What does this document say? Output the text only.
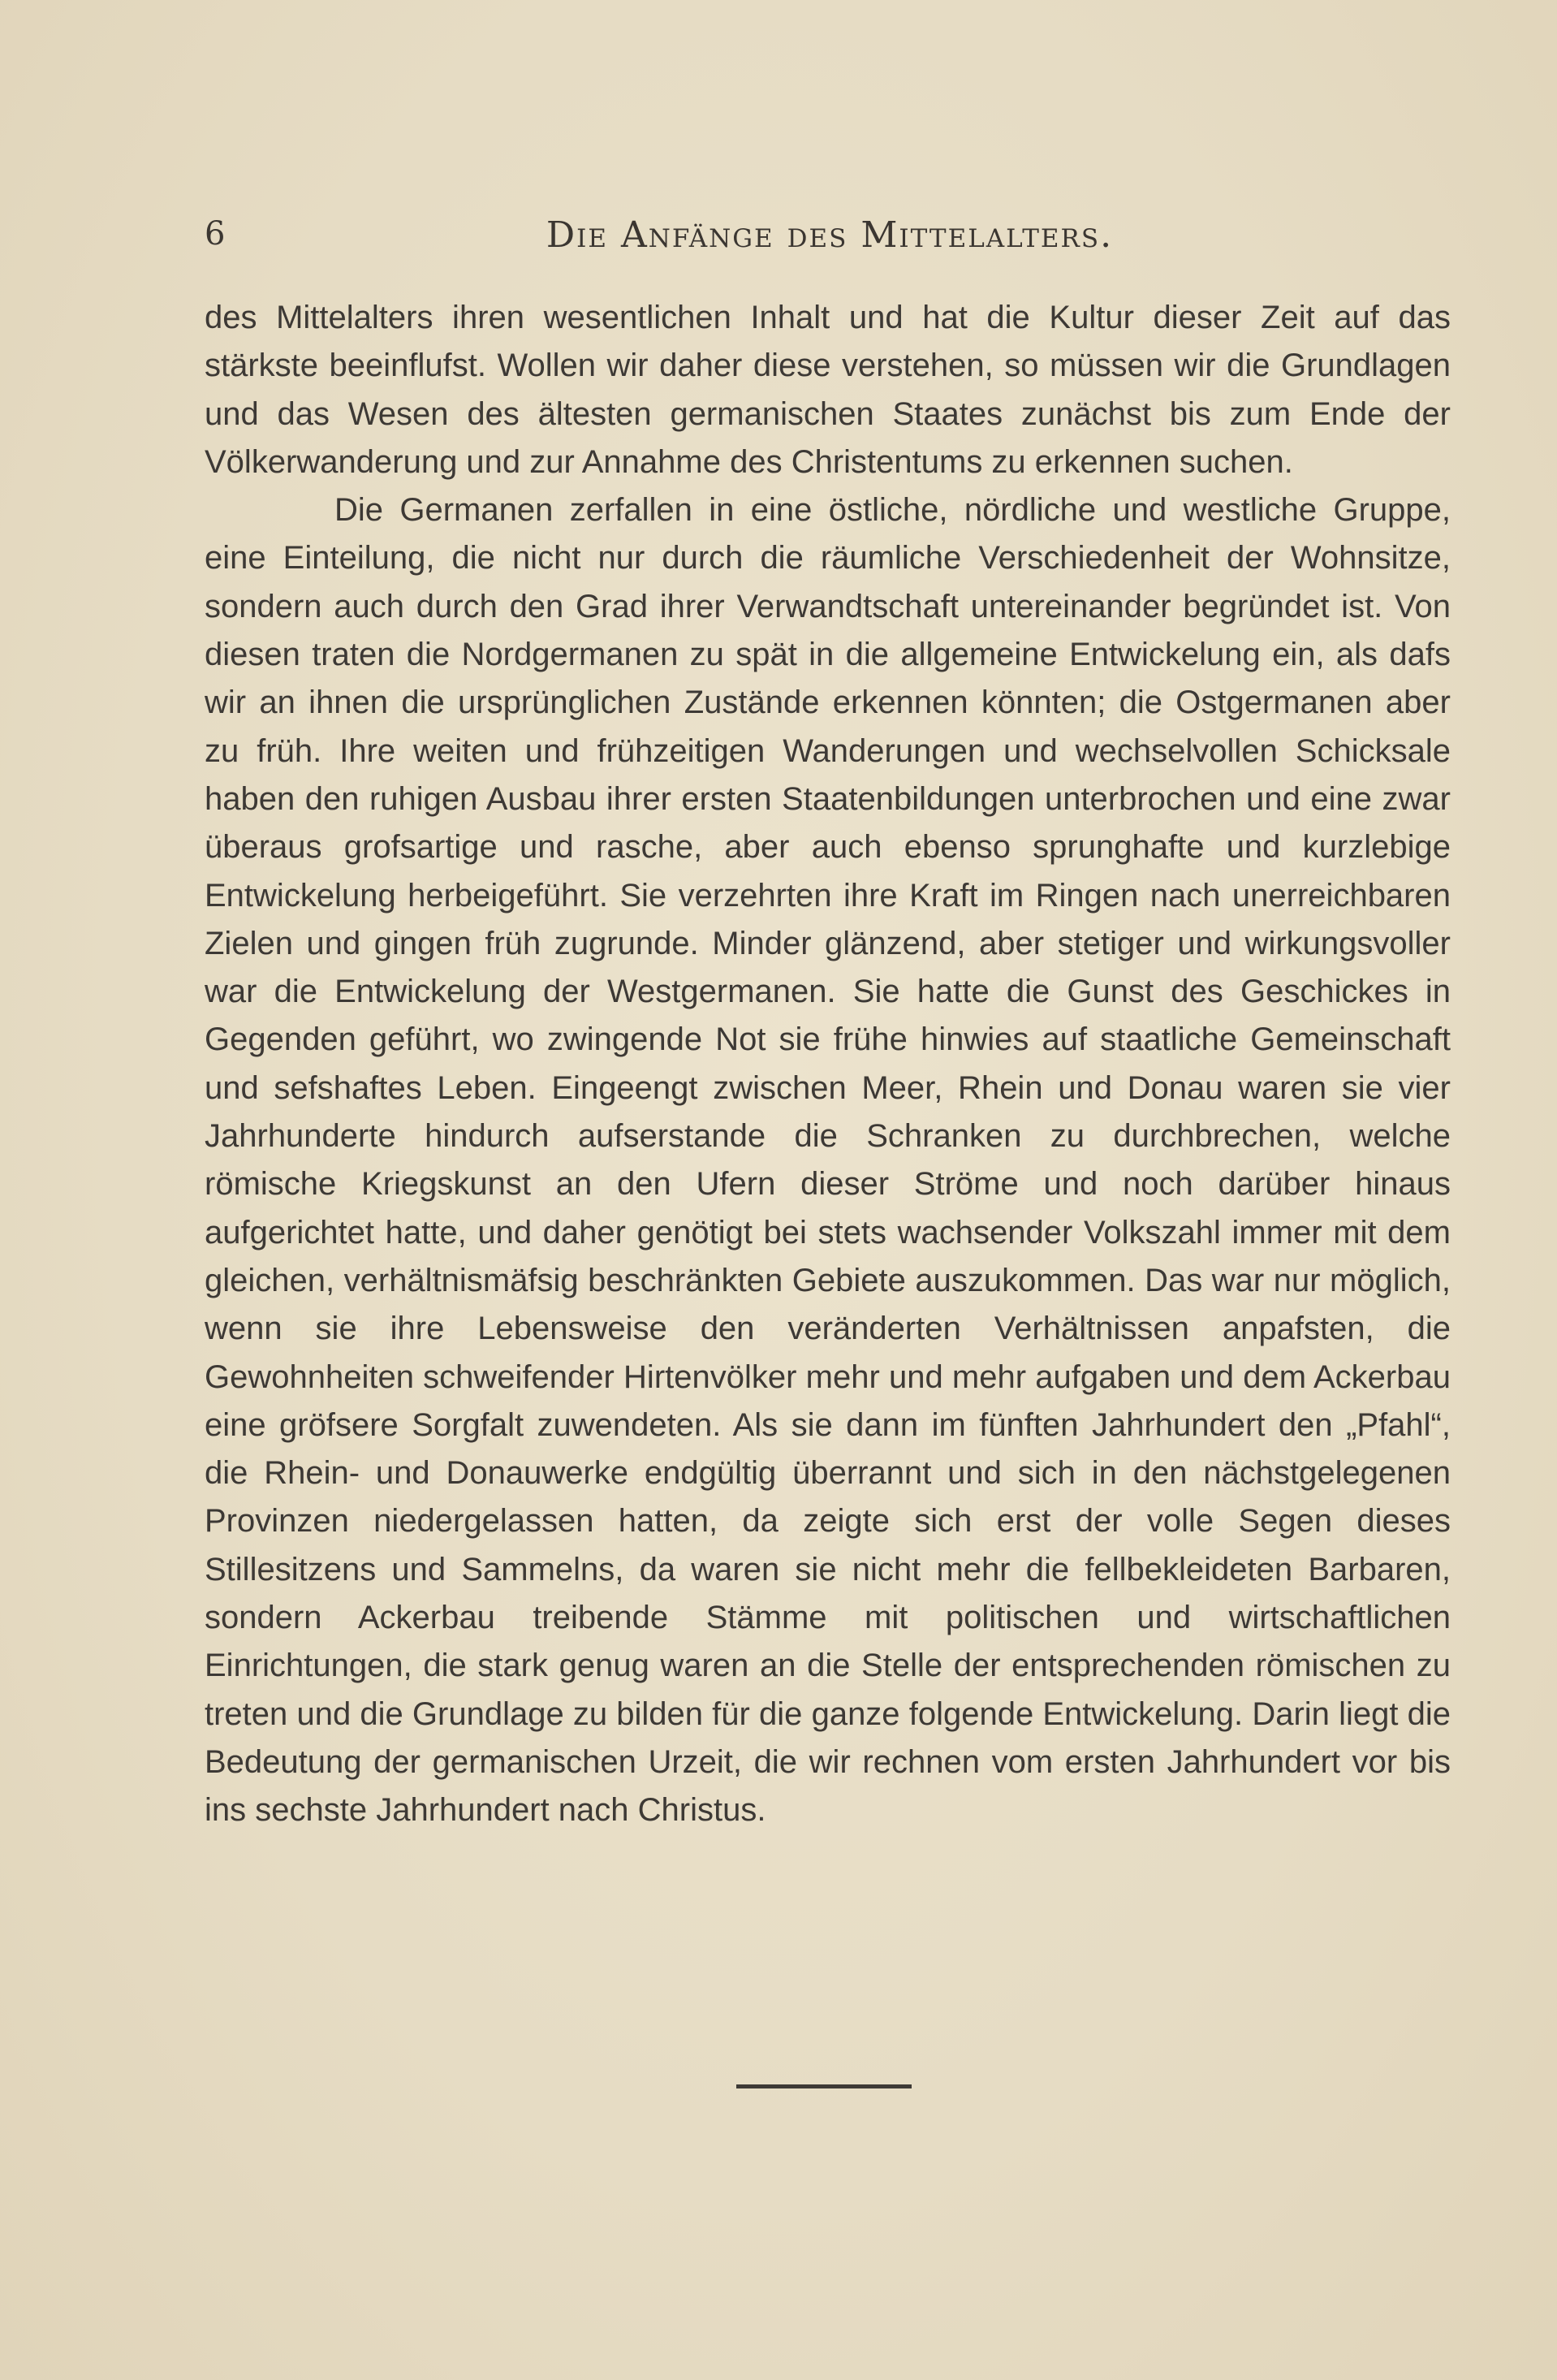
6	Die Anfänge des Mittelalters.

des Mittelalters ihren wesentlichen Inhalt und hat die Kultur dieser Zeit auf das stärkste beeinflufst. Wollen wir daher diese verstehen, so müssen wir die Grundlagen und das Wesen des ältesten germanischen Staates zunächst bis zum Ende der Völkerwanderung und zur Annahme des Christentums zu erkennen suchen.

Die Germanen zerfallen in eine östliche, nördliche und westliche Gruppe, eine Einteilung, die nicht nur durch die räumliche Verschiedenheit der Wohnsitze, sondern auch durch den Grad ihrer Verwandtschaft untereinander begründet ist. Von diesen traten die Nordgermanen zu spät in die allgemeine Entwickelung ein, als dafs wir an ihnen die ursprünglichen Zustände erkennen könnten; die Ostgermanen aber zu früh. Ihre weiten und frühzeitigen Wanderungen und wechselvollen Schicksale haben den ruhigen Ausbau ihrer ersten Staatenbildungen unterbrochen und eine zwar überaus grofsartige und rasche, aber auch ebenso sprunghafte und kurzlebige Entwickelung herbeigeführt. Sie verzehrten ihre Kraft im Ringen nach unerreichbaren Zielen und gingen früh zugrunde. Minder glänzend, aber stetiger und wirkungsvoller war die Entwickelung der Westgermanen. Sie hatte die Gunst des Geschickes in Gegenden geführt, wo zwingende Not sie frühe hinwies auf staatliche Gemeinschaft und sefshaftes Leben. Eingeengt zwischen Meer, Rhein und Donau waren sie vier Jahrhunderte hindurch aufserstande die Schranken zu durchbrechen, welche römische Kriegskunst an den Ufern dieser Ströme und noch darüber hinaus aufgerichtet hatte, und daher genötigt bei stets wachsender Volkszahl immer mit dem gleichen, verhältnismäfsig beschränkten Gebiete auszukommen. Das war nur möglich, wenn sie ihre Lebensweise den veränderten Verhältnissen anpafsten, die Gewohnheiten schweifender Hirtenvölker mehr und mehr aufgaben und dem Ackerbau eine gröfsere Sorgfalt zuwendeten. Als sie dann im fünften Jahrhundert den „Pfahl“, die Rhein- und Donauwerke endgültig überrannt und sich in den nächstgelegenen Provinzen niedergelassen hatten, da zeigte sich erst der volle Segen dieses Stillesitzens und Sammelns, da waren sie nicht mehr die fellbekleideten Barbaren, sondern Ackerbau treibende Stämme mit politischen und wirtschaftlichen Einrichtungen, die stark genug waren an die Stelle der entsprechenden römischen zu treten und die Grundlage zu bilden für die ganze folgende Entwickelung. Darin liegt die Bedeutung der germanischen Urzeit, die wir rechnen vom ersten Jahrhundert vor bis ins sechste Jahrhundert nach Christus.
